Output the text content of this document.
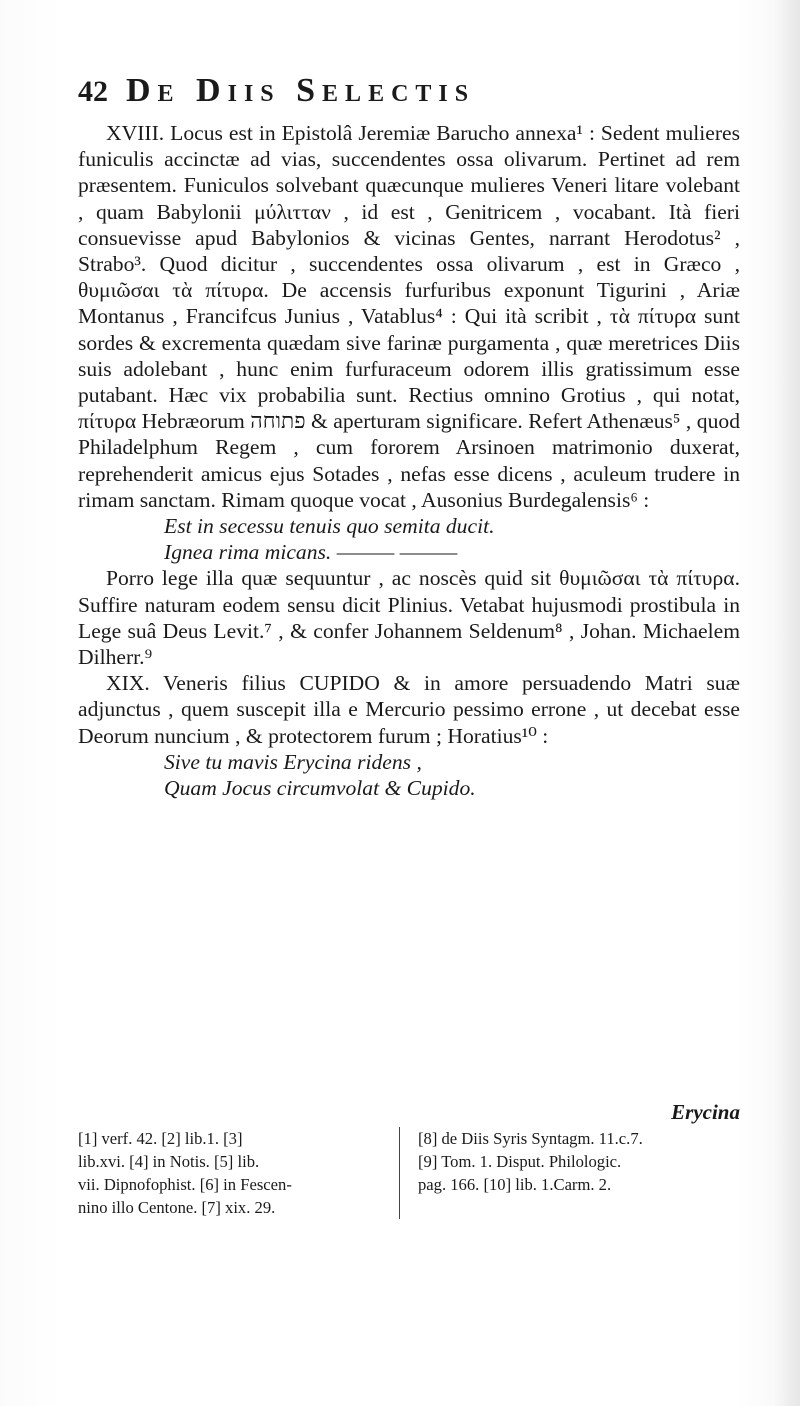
42 De Diis Selectis

XVIII. Locus est in Epistolâ Jeremiæ Barucho annexa¹ : Sedent mulieres funiculis accinctæ ad vias, succendentes ossa olivarum. Pertinet ad rem præsentem. Funiculos solvebant quæcunque mulieres Veneri litare volebant , quam Babylonii μύλιτταν , id est , Genitricem , vocabant. Ità fieri consuevisse apud Babylonios & vicinas Gentes, narrant Herodotus² , Strabo³. Quod dicitur , succendentes ossa olivarum , est in Græco , θυμιῶσαι τὰ πίτυρα. De accensis furfuribus exponunt Tigurini , Ariæ Montanus , Francifcus Junius , Vatablus⁴ : Qui ità scribit , τὰ πίτυρα sunt sordes & excrementa quædam sive farinæ purgamenta , quæ meretrices Diis suis adolebant , hunc enim furfuraceum odorem illis gratissimum esse putabant. Hæc vix probabilia sunt. Rectius omnino Grotius , qui notat, πίτυρα Hebræorum פתוחה & aperturam significare. Refert Athenæus⁵ , quod Philadelphum Regem , cum fororem Arsinoen matrimonio duxerat, reprehenderit amicus ejus Sotades , nefas esse dicens , aculeum trudere in rimam sanctam. Rimam quoque vocat , Ausonius Burdegalensis⁶ :

Est in secessu tenuis quo semita ducit.

Ignea rima micans. ——— ———

Porro lege illa quæ sequuntur , ac noscès quid sit θυμιῶσαι τὰ πίτυρα. Suffire naturam eodem sensu dicit Plinius. Vetabat hujusmodi prostibula in Lege suâ Deus Levit.⁷ , & confer Johannem Seldenum⁸ , Johan. Michaelem Dilherr.⁹

XIX. Veneris filius CUPIDO & in amore persuadendo Matri suæ adjunctus , quem suscepit illa e Mercurio pessimo errone , ut decebat esse Deorum nuncium , & protectorem furum ; Horatius¹⁰ :

Sive tu mavis Erycina ridens ,

Quam Jocus circumvolat & Cupido.

Erycina
[1] verf. 42. [2] lib.1. [3]
lib.xvi. [4] in Notis. [5] lib.
vii. Dipnofophist. [6] in Fescen-
nino illo Centone. [7] xix. 29.
[8] de Diis Syris Syntagm. 11.c.7.
[9] Tom. 1. Disput. Philologic.
pag. 166. [10] lib. 1.Carm. 2.
